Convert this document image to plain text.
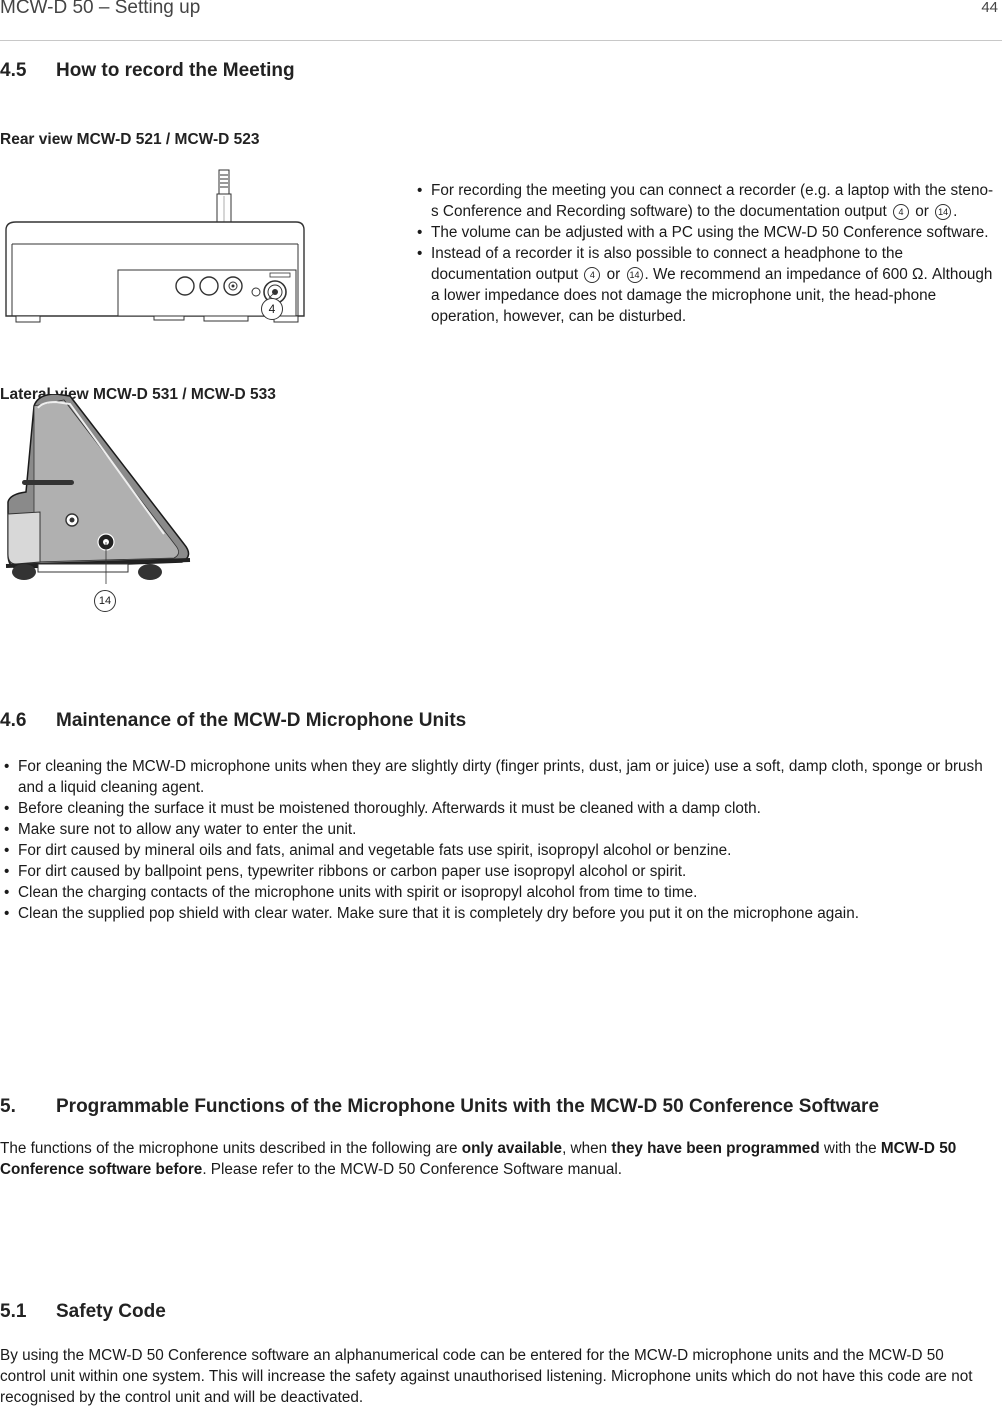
MCW-D 50 – Setting up	44
4.5 How to record the Meeting
Rear view MCW-D 521 / MCW-D 523
4
Lateral view MCW-D 531 / MCW-D 533
14
• For recording the meeting you can connect a recorder (e.g. a laptop with the steno-s Conference and Recording software) to the documentation output 4 or 14 .
• The volume can be adjusted with a PC using the MCW-D 50 Conference software.
• Instead of a recorder it is also possible to connect a headphone to the documentation output 4 or 14 . We recommend an impedance of 600 Ω. Although a lower impedance does not damage the microphone unit, the head-phone operation, however, can be disturbed.
4.6 Maintenance of the MCW-D Microphone Units
• For cleaning the MCW-D microphone units when they are slightly dirty (finger prints, dust, jam or juice) use a soft, damp cloth, sponge or brush and a liquid cleaning agent.
• Before cleaning the surface it must be moistened thoroughly. Afterwards it must be cleaned with a damp cloth.
• Make sure not to allow any water to enter the unit.
• For dirt caused by mineral oils and fats, animal and vegetable fats use spirit, isopropyl alcohol or benzine.
• For dirt caused by ballpoint pens, typewriter ribbons or carbon paper use isopropyl alcohol or spirit.
• Clean the charging contacts of the microphone units with spirit or isopropyl alcohol from time to time.
• Clean the supplied pop shield with clear water. Make sure that it is completely dry before you put it on the microphone again.
5. Programmable Functions of the Microphone Units with the MCW-D 50 Conference Software

The functions of the microphone units described in the following are only available, when they have been programmed with the MCW-D 50 Conference software before. Please refer to the MCW-D 50 Conference Software manual.

5.1 Safety Code

By using the MCW-D 50 Conference software an alphanumerical code can be entered for the MCW-D microphone units and the MCW-D 50 control unit within one system. This will increase the safety against unauthorised listening. Microphone units which do not have this code are not recognised by the control unit and will be deactivated.
